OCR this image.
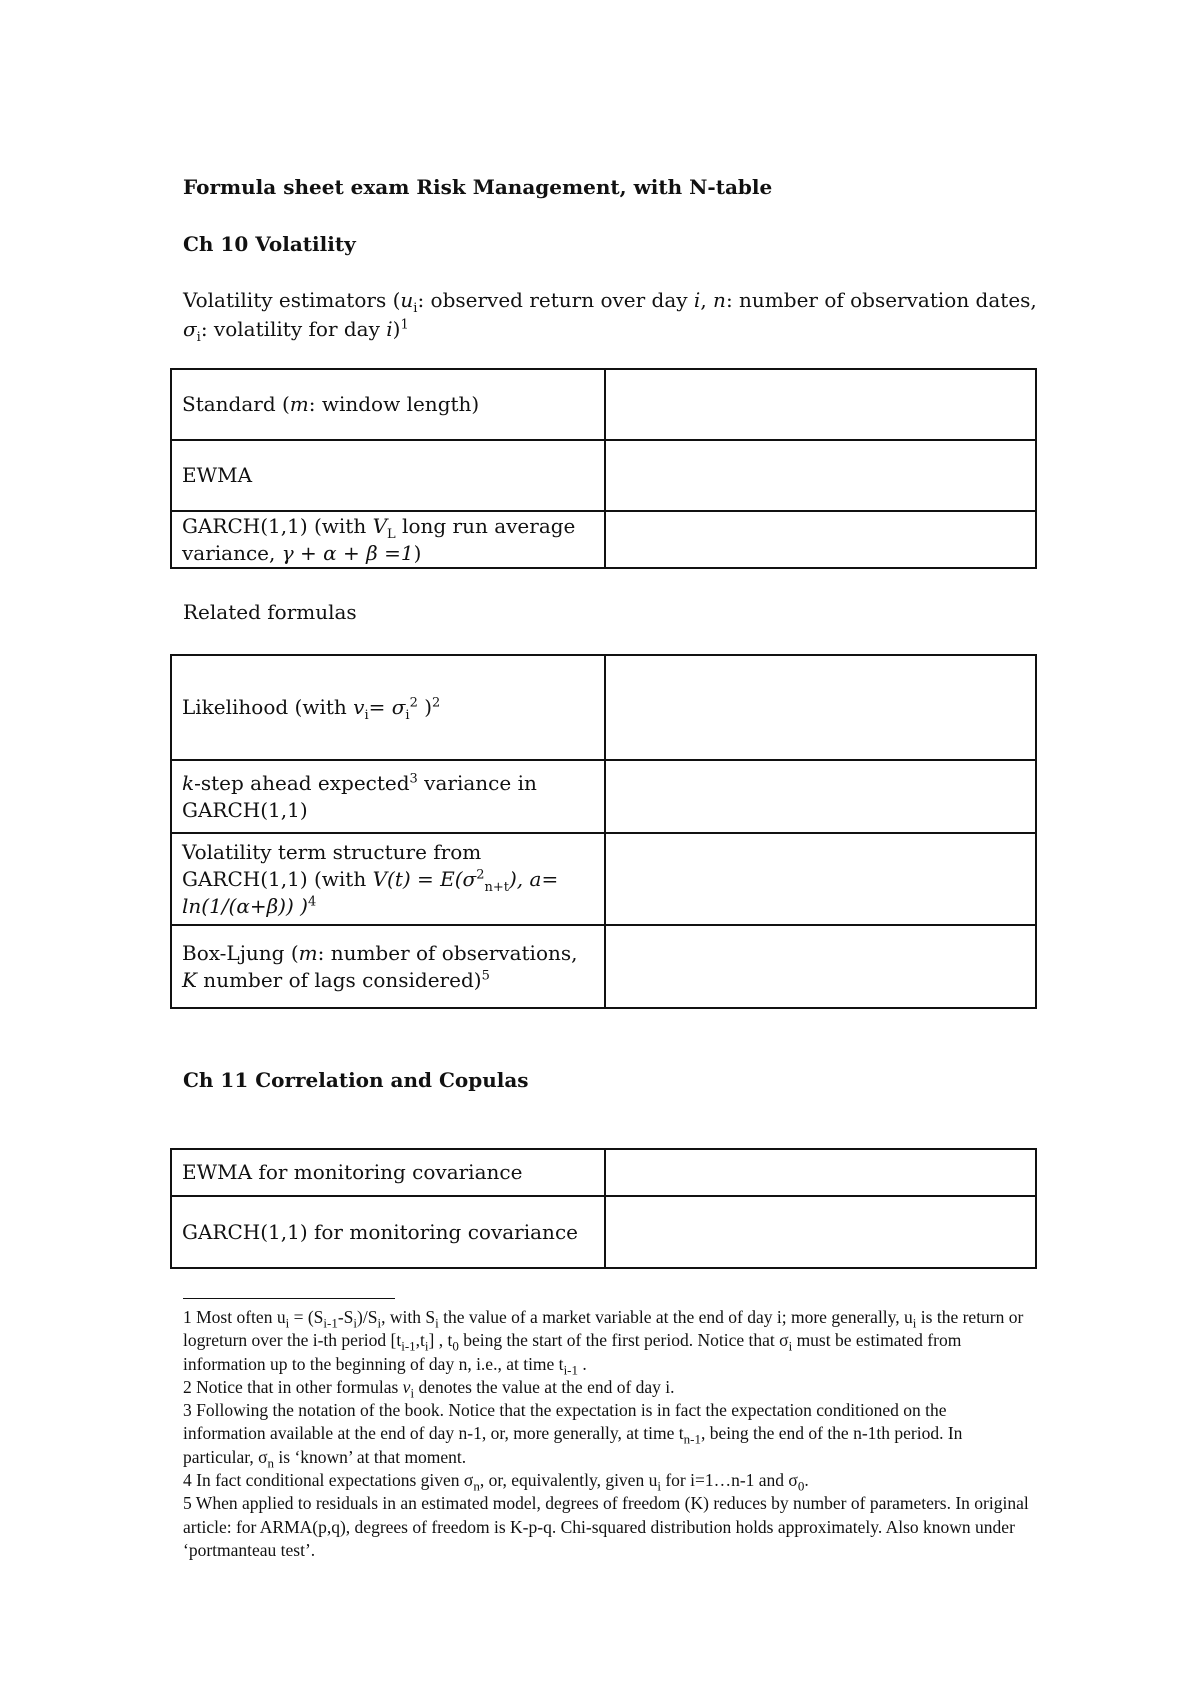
Formula sheet exam Risk Management, with N-table
Ch 10 Volatility
Volatility estimators ($u_i$: observed return over day i, n: number of observation dates,
$\sigma_i$: volatility for day i)$^1$
Standard (m: window length)	
EWMA	
GARCH(1,1) (with $V_L$ long run average variance, γ + α + β =1)	
Related formulas
Likelihood (with $v_i= \sigma_i^2$ )$^2$	
k-step ahead expected$^3$ variance in GARCH(1,1)	
Volatility term structure from GARCH(1,1) (with $V(t) = E(\sigma^2_{n+t})$, a= ln(1/(α+β)) )$^4$	
Box-Ljung (m: number of observations, K number of lags considered)$^5$	
Ch 11 Correlation and Copulas
EWMA for monitoring covariance	
GARCH(1,1) for monitoring covariance	
1 Most often $u_i = (S_{i-1}-S_i)/S_i$, with $S_i$ the value of a market variable at the end of day i; more generally, $u_i$ is the return or logreturn over the i-th period $[t_{i-1},t_i]$ , $t_0$ being the start of the first period. Notice that $\sigma_i$ must be estimated from information up to the beginning of day n, i.e., at time $t_{i-1}$ .
2 Notice that in other formulas $v_i$ denotes the value at the end of day i.
3 Following the notation of the book. Notice that the expectation is in fact the expectation conditioned on the information available at the end of day n-1, or, more generally, at time $t_{n-1}$, being the end of the n-1th period. In particular, $\sigma_n$ is ‘known’ at that moment.
4 In fact conditional expectations given $\sigma_n$, or, equivalently, given $u_i$ for i=1…n-1 and $\sigma_0$.
5 When applied to residuals in an estimated model, degrees of freedom (K) reduces by number of parameters. In original article: for ARMA(p,q), degrees of freedom is K-p-q. Chi-squared distribution holds approximately. Also known under ‘portmanteau test’.
